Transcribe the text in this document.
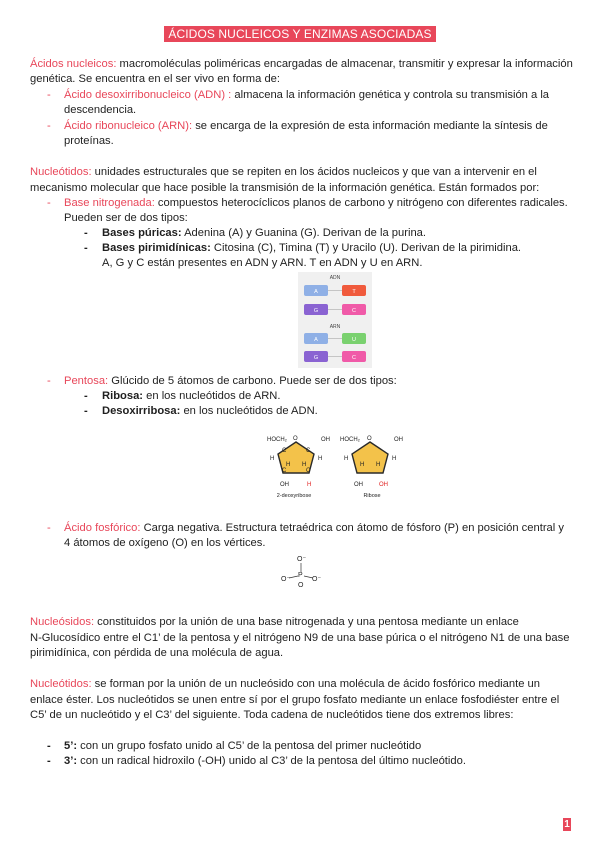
ÁCIDOS NUCLEICOS Y ENZIMAS ASOCIADAS
Ácidos nucleicos: macromoléculas poliméricas encargadas de almacenar, transmitir y expresar la información
genética. Se encuentra en el ser vivo en forma de:
- Ácido desoxirribonucleico (ADN) : almacena la información genética y controla su transmisión a la
descendencia.
- Ácido ribonucleico (ARN): se encarga de la expresión de esta información mediante la síntesis de
proteínas.
Nucleótidos: unidades estructurales que se repiten en los ácidos nucleicos y que van a intervenir en el
mecanismo molecular que hace posible la transmisión de la información genética. Están formados por:
- Base nitrogenada: compuestos heterocíclicos planos de carbono y nitrógeno con diferentes radicales.
Pueden ser de dos tipos:
- Bases púricas: Adenina (A) y Guanina (G). Derivan de la purina.
- Bases pirimidínicas: Citosina (C), Timina (T) y Uracilo (U). Derivan de la pirimidina.
A, G y C están presentes en ADN y ARN. T en ADN y U en ARN.
ADN
ARN
A	T
G	C
A	U
G	C
- Pentosa: Glúcido de 5 átomos de carbono. Puede ser de dos tipos:
- Ribosa: en los nucleótidos de ARN.
- Desoxirribosa: en los nucleótidos de ADN.
HOCH₂ O	OH
C	C
H	H
H H
C	C
OH	H
2-deoxyribose
HOCH₂ O	OH
H	H
H H
OH	OH
Ribose
- Ácido fosfórico: Carga negativa. Estructura tetraédrica con átomo de fósforo (P) en posición central y
4 átomos de oxígeno (O) en los vértices.
O⁻
P
O⁻	O⁻
O
Nucleósidos: constituidos por la unión de una base nitrogenada y una pentosa mediante un enlace
N-Glucosídico entre el C1’ de la pentosa y el nitrógeno N9 de una base púrica o el nitrógeno N1 de una base
pirimidínica, con pérdida de una molécula de agua.
Nucleótidos: se forman por la unión de un nucleósido con una molécula de ácido fosfórico mediante un
enlace éster. Los nucleótidos se unen entre sí por el grupo fosfato mediante un enlace fosfodiéster entre el
C5’ de un nucleótido y el C3’ del siguiente. Toda cadena de nucleótidos tiene dos extremos libres:
- 5’: con un grupo fosfato unido al C5’ de la pentosa del primer nucleótido
- 3’: con un radical hidroxilo (-OH) unido al C3’ de la pentosa del último nucleótido.
1
